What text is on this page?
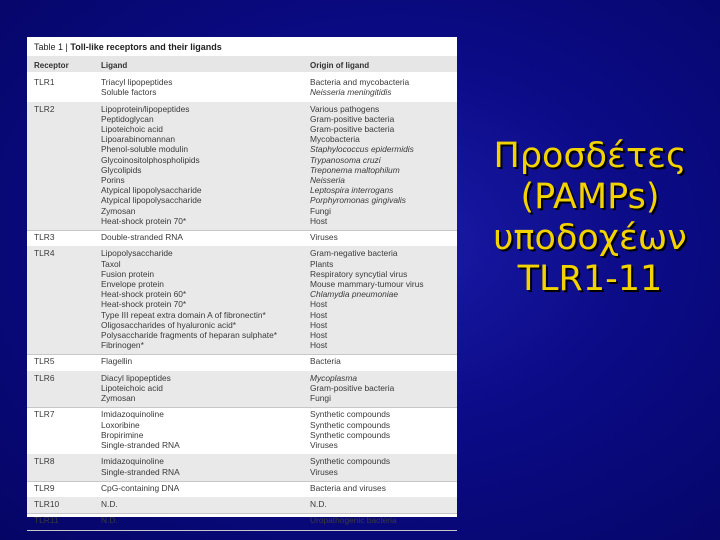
Table 1 | Toll-like receptors and their ligands
Receptor	Ligand	Origin of ligand
TLR1	Triacyl lipopeptides	Bacteria and mycobacteria
Soluble factors	Neisseria meningitidis
TLR2	Lipoprotein/lipopeptides	Various pathogens
Peptidoglycan	Gram-positive bacteria
Lipoteichoic acid	Gram-positive bacteria
Lipoarabinomannan	Mycobacteria
Phenol-soluble modulin	Staphylococcus epidermidis
Glycoinositolphospholipids	Trypanosoma cruzi
Glycolipids	Treponema maltophilum
Porins	Neisseria
Atypical lipopolysaccharide	Leptospira interrogans
Atypical lipopolysaccharide	Porphyromonas gingivalis
Zymosan	Fungi
Heat-shock protein 70*	Host
TLR3	Double-stranded RNA	Viruses
TLR4	Lipopolysaccharide	Gram-negative bacteria
Taxol	Plants
Fusion protein	Respiratory syncytial virus
Envelope protein	Mouse mammary-tumour virus
Heat-shock protein 60*	Chlamydia pneumoniae
Heat-shock protein 70*	Host
Type III repeat extra domain A of fibronectin*	Host
Oligosaccharides of hyaluronic acid*	Host
Polysaccharide fragments of heparan sulphate*	Host
Fibrinogen*	Host
TLR5	Flagellin	Bacteria
TLR6	Diacyl lipopeptides	Mycoplasma
Lipoteichoic acid	Gram-positive bacteria
Zymosan	Fungi
TLR7	Imidazoquinoline	Synthetic compounds
Loxoribine	Synthetic compounds
Bropirimine	Synthetic compounds
Single-stranded RNA	Viruses
TLR8	Imidazoquinoline	Synthetic compounds
Single-stranded RNA	Viruses
TLR9	CpG-containing DNA	Bacteria and viruses
TLR10	N.D.	N.D.
TLR11	N.D.	Uropathogenic bacteria
Προσδέτες
(PAMPs)
υποδοχέων
TLR1-11
